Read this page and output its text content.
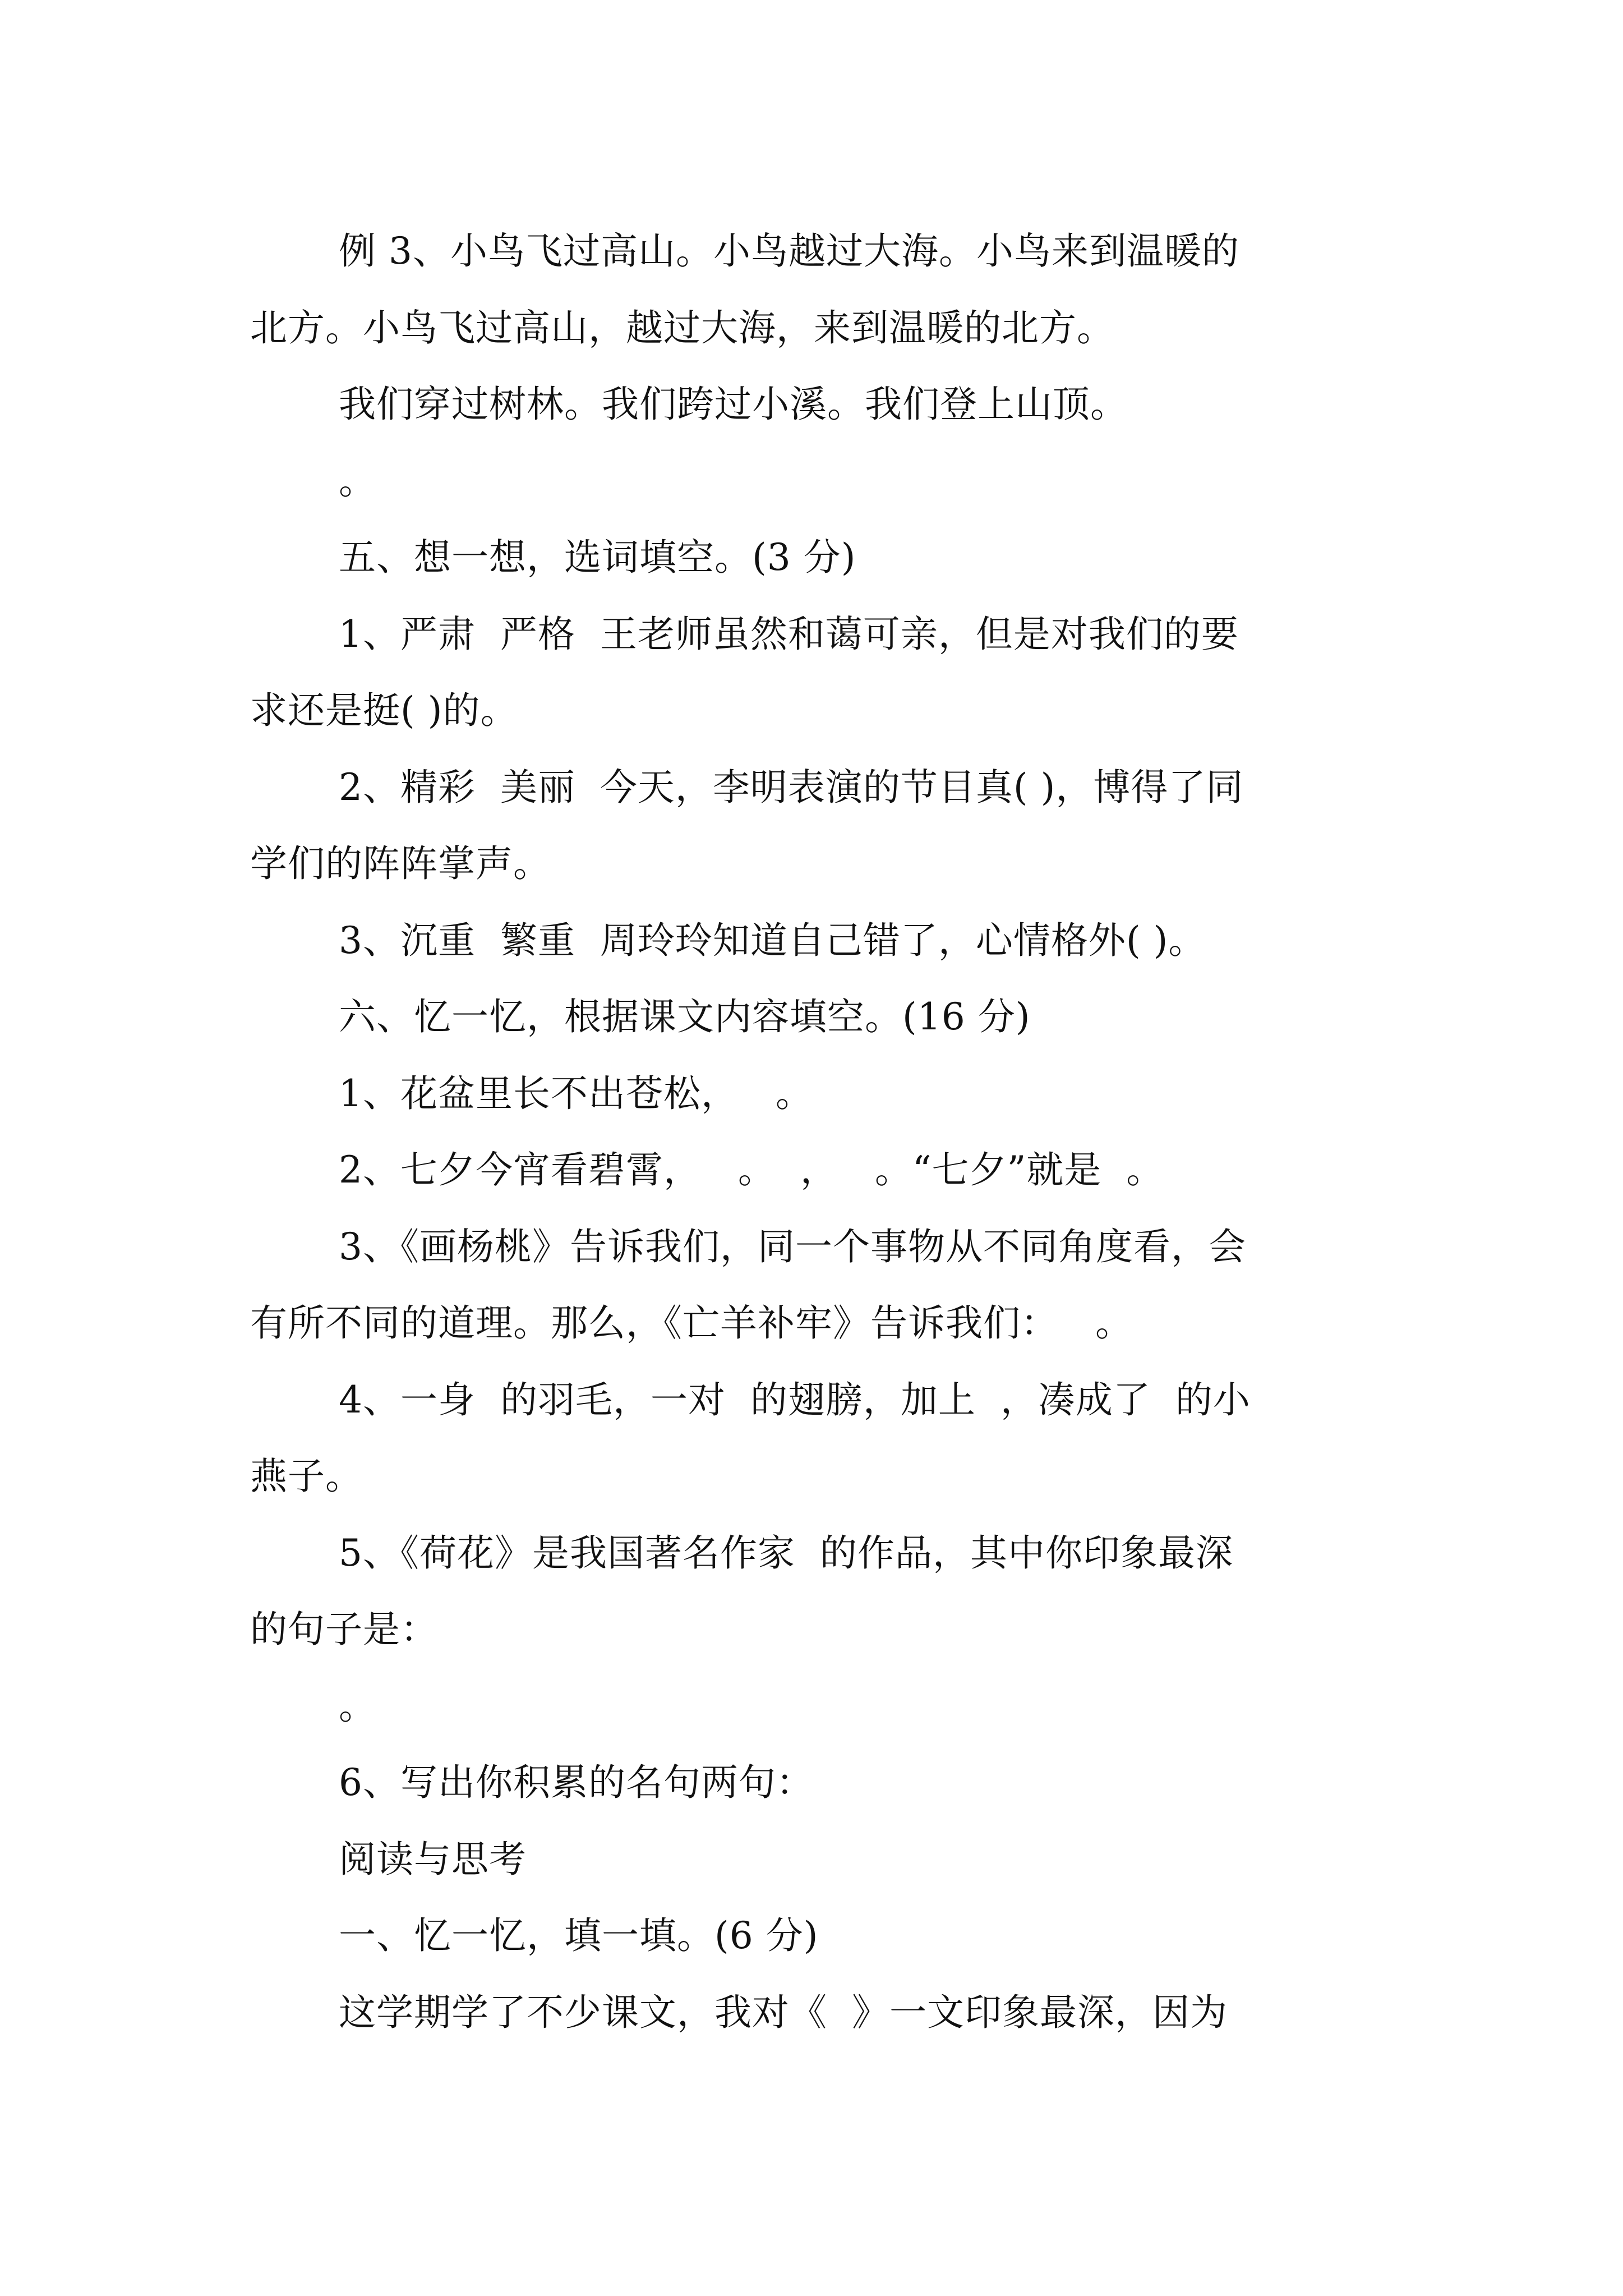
例 3、小鸟飞过高山。小鸟越过大海。小鸟来到温暖的
北方。小鸟飞过高山，越过大海，来到温暖的北方。
我们穿过树林。我们跨过小溪。我们登上山顶。
。
五、想一想，选词填空。(3 分)
1、严肃  严格  王老师虽然和蔼可亲，但是对我们的要
求还是挺( )的。
2、精彩  美丽  今天，李明表演的节目真( )，博得了同
学们的阵阵掌声。
3、沉重  繁重  周玲玲知道自己错了，心情格外( )。
六、忆一忆，根据课文内容填空。(16 分)
1、花盆里长不出苍松，   。
2、七夕今宵看碧霄，   。  ，   。“七夕”就是  。
3、《画杨桃》告诉我们，同一个事物从不同角度看，会
有所不同的道理。那么，《亡羊补牢》告诉我们：   。
4、一身  的羽毛，一对  的翅膀，加上  ，凑成了  的小
燕子。
5、《荷花》是我国著名作家  的作品，其中你印象最深
的句子是：
。
6、写出你积累的名句两句：
阅读与思考
一、忆一忆，填一填。(6 分)
这学期学了不少课文，我对《  》一文印象最深，因为
